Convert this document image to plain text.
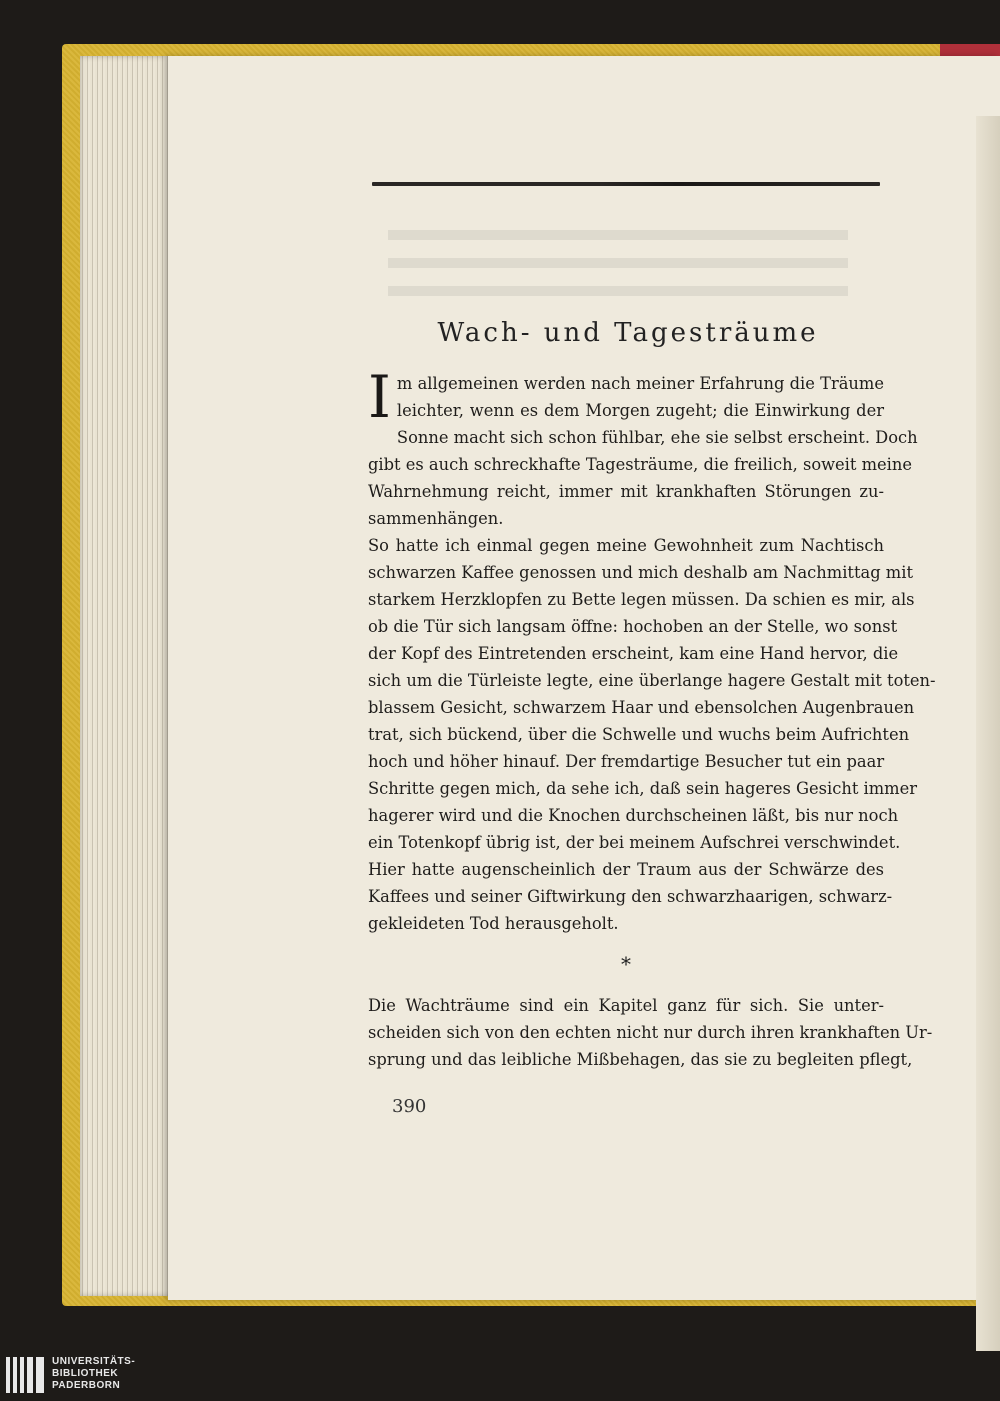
Wach- und Tagesträume
I m allgemeinen werden nach meiner Erfahrung die Träume
leichter, wenn es dem Morgen zugeht; die Einwirkung der
Sonne macht sich schon fühlbar, ehe sie selbst erscheint. Doch
gibt es auch schreckhafte Tagesträume, die freilich, soweit meine
Wahrnehmung reicht, immer mit krankhaften Störungen zu-
sammenhängen.
So hatte ich einmal gegen meine Gewohnheit zum Nachtisch
schwarzen Kaffee genossen und mich deshalb am Nachmittag mit
starkem Herzklopfen zu Bette legen müssen. Da schien es mir, als
ob die Tür sich langsam öffne: hochoben an der Stelle, wo sonst
der Kopf des Eintretenden erscheint, kam eine Hand hervor, die
sich um die Türleiste legte, eine überlange hagere Gestalt mit toten-
blassem Gesicht, schwarzem Haar und ebensolchen Augenbrauen
trat, sich bückend, über die Schwelle und wuchs beim Aufrichten
hoch und höher hinauf. Der fremdartige Besucher tut ein paar
Schritte gegen mich, da sehe ich, daß sein hageres Gesicht immer
hagerer wird und die Knochen durchscheinen läßt, bis nur noch
ein Totenkopf übrig ist, der bei meinem Aufschrei verschwindet.
Hier hatte augenscheinlich der Traum aus der Schwärze des
Kaffees und seiner Giftwirkung den schwarzhaarigen, schwarz-
gekleideten Tod herausgeholt.
*
Die Wachträume sind ein Kapitel ganz für sich. Sie unter-
scheiden sich von den echten nicht nur durch ihren krankhaften Ur-
sprung und das leibliche Mißbehagen, das sie zu begleiten pflegt,
390
UNIVERSITÄTS-
BIBLIOTHEK
PADERBORN
